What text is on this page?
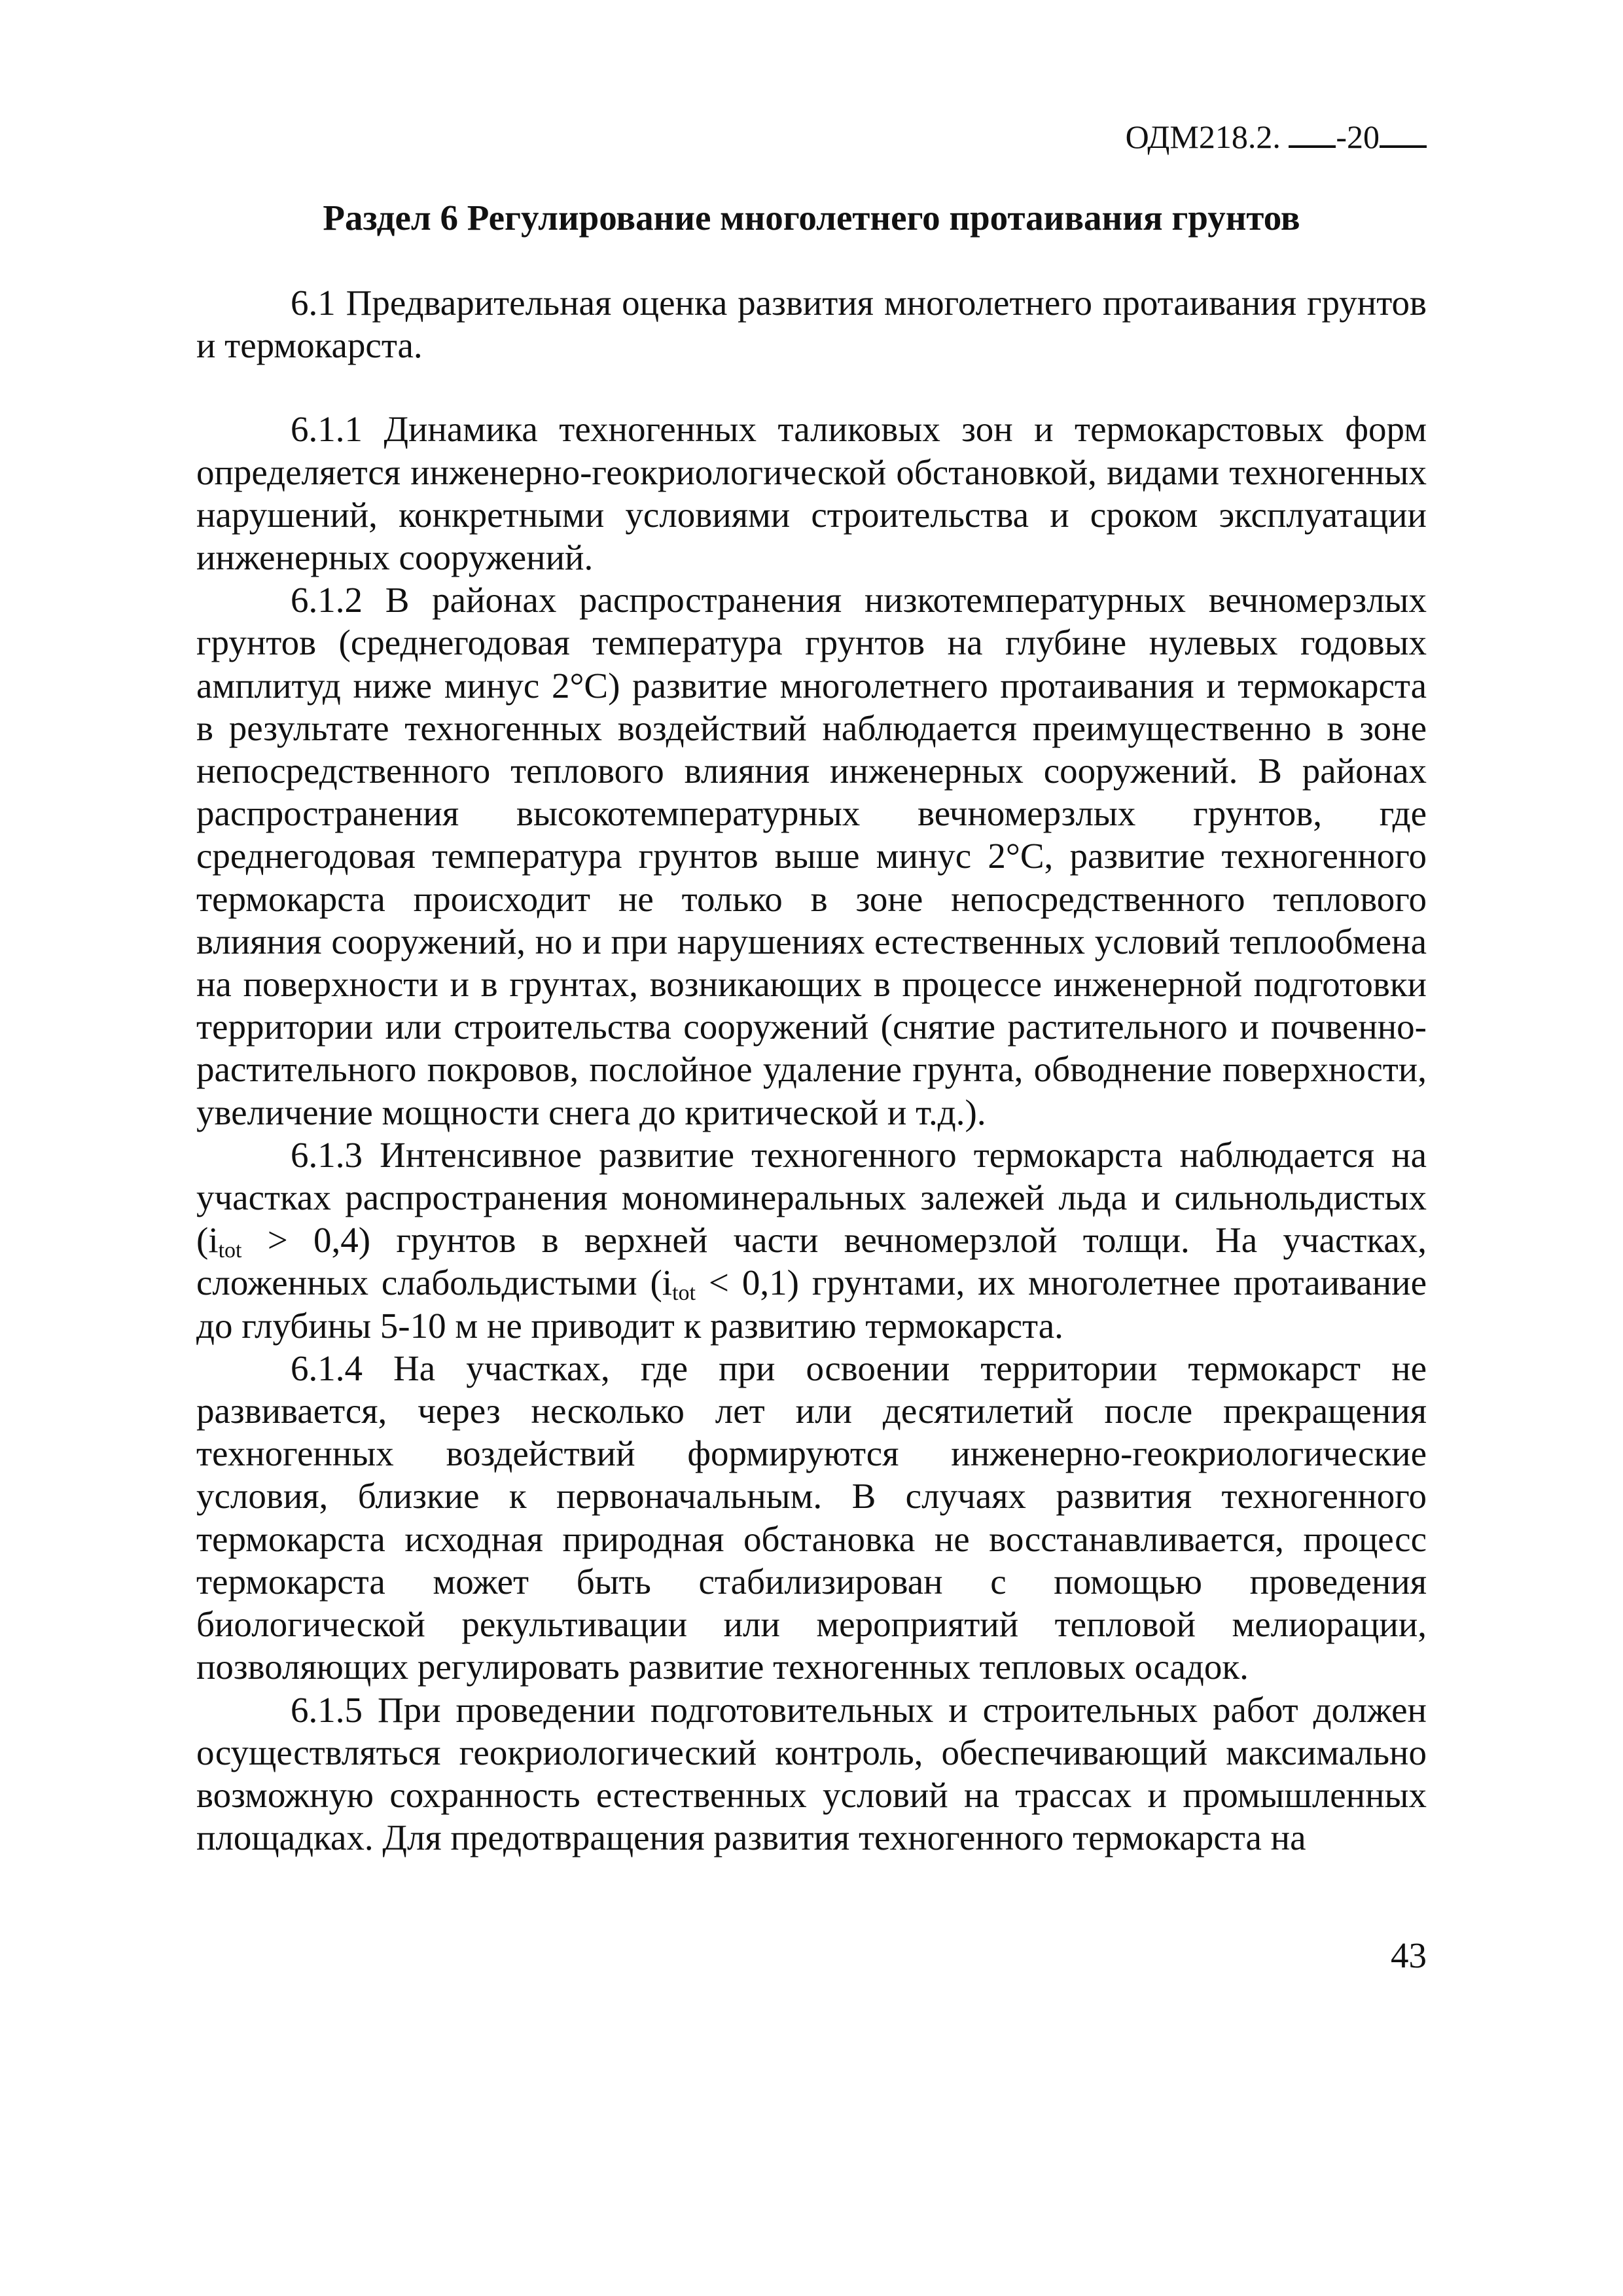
ОДМ218.2. -20
Раздел 6 Регулирование многолетнего протаивания грунтов

6.1 Предварительная оценка развития многолетнего протаивания грунтов и термокарста.

6.1.1 Динамика техногенных таликовых зон и термокарстовых форм определяется инженерно-геокриологической обстановкой, видами техногенных нарушений, конкретными условиями строительства и сроком эксплуатации инженерных сооружений.

6.1.2 В районах распространения низкотемпературных вечномерзлых грунтов (среднегодовая температура грунтов на глубине нулевых годовых амплитуд ниже минус 2°С) развитие многолетнего протаивания и термокарста в результате техногенных воздействий наблюдается преимущественно в зоне непосредственного теплового влияния инженерных сооружений. В районах распространения высокотемпературных вечномерзлых грунтов, где среднегодовая температура грунтов выше минус 2°С, развитие техногенного термокарста происходит не только в зоне непосредственного теплового влияния сооружений, но и при нарушениях естественных условий теплообмена на поверхности и в грунтах, возникающих в процессе инженерной подготовки территории или строительства сооружений (снятие растительного и почвенно-растительного покровов, послойное удаление грунта, обводнение поверхности, увеличение мощности снега до критической и т.д.).

6.1.3 Интенсивное развитие техногенного термокарста наблюдается на участках распространения мономинеральных залежей льда и сильнольдистых $(i_{tot} > 0,4)$ грунтов в верхней части вечномерзлой толщи. На участках, сложенных слабольдистыми $(i_{tot} < 0,1)$ грунтами, их многолетнее протаивание до глубины 5-10 м не приводит к развитию термокарста.

6.1.4 На участках, где при освоении территории термокарст не развивается, через несколько лет или десятилетий после прекращения техногенных воздействий формируются инженерно-геокриологические условия, близкие к первоначальным. В случаях развития техногенного термокарста исходная природная обстановка не восстанавливается, процесс термокарста может быть стабилизирован с помощью проведения биологической рекультивации или мероприятий тепловой мелиорации, позволяющих регулировать развитие техногенных тепловых осадок.

6.1.5 При проведении подготовительных и строительных работ должен осуществляться геокриологический контроль, обеспечивающий максимально возможную сохранность естественных условий на трассах и промышленных площадках. Для предотвращения развития техногенного термокарста на

43
